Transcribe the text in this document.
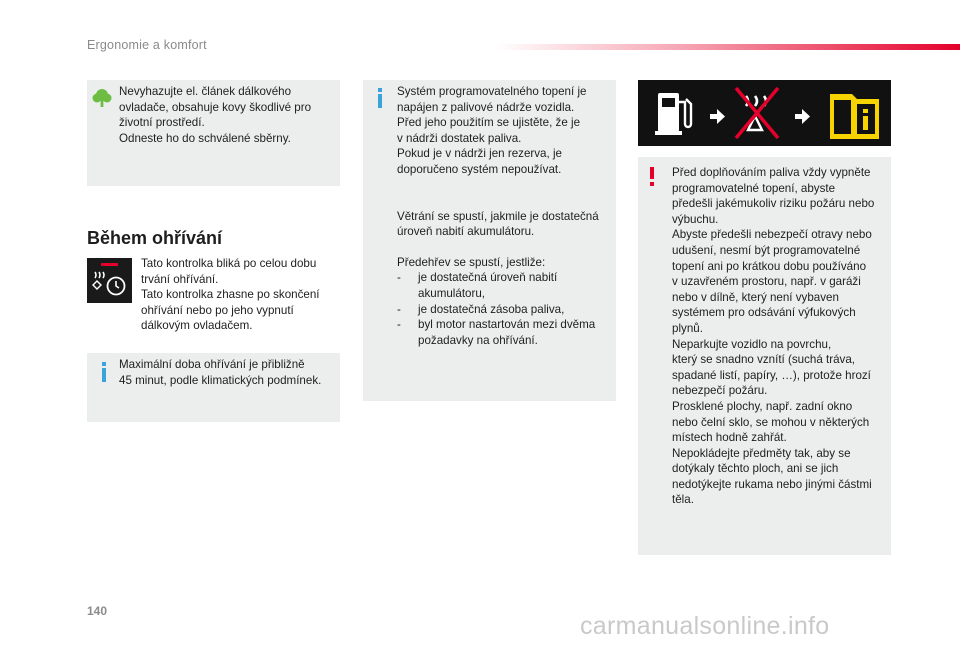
Ergonomie a komfort

Nevyhazujte el. článek dálkového

ovladače, obsahuje kovy škodlivé pro

životní prostředí.

Odneste ho do schválené sběrny.

Během ohřívání

Tato kontrolka bliká po celou dobu

trvání ohřívání.

Tato kontrolka zhasne po skončení

ohřívání nebo po jeho vypnutí

dálkovým ovladačem.

Maximální doba ohřívání je přibližně

45 minut, podle klimatických podmínek.

Systém programovatelného topení je

napájen z palivové nádrže vozidla.

Před jeho použitím se ujistěte, že je

v nádrži dostatek paliva.

Pokud je v nádrži jen rezerva, je

doporučeno systém nepoužívat.

Větrání se spustí, jakmile je dostatečná

úroveň nabití akumulátoru.

Předehřev se spustí, jestliže:

- je dostatečná úroveň nabití
akumulátoru,
- je dostatečná zásoba paliva,
- byl motor nastartován mezi dvěma
požadavky na ohřívání.

Před doplňováním paliva vždy vypněte

programovatelné topení, abyste

předešli jakémukoliv riziku požáru nebo

výbuchu.

Abyste předešli nebezpečí otravy nebo

udušení, nesmí být programovatelné

topení ani po krátkou dobu používáno

v uzavřeném prostoru, např. v garáži

nebo v dílně, který není vybaven

systémem pro odsávání výfukových

plynů.

Neparkujte vozidlo na povrchu,

který se snadno vznítí (suchá tráva,

spadané listí, papíry, …), protože hrozí

nebezpečí požáru.

Prosklené plochy, např. zadní okno

nebo čelní sklo, se mohou v některých

místech hodně zahřát.

Nepokládejte předměty tak, aby se

dotýkaly těchto ploch, ani se jich

nedotýkejte rukama nebo jinými částmi

těla.

140
carmanualsonline.info
